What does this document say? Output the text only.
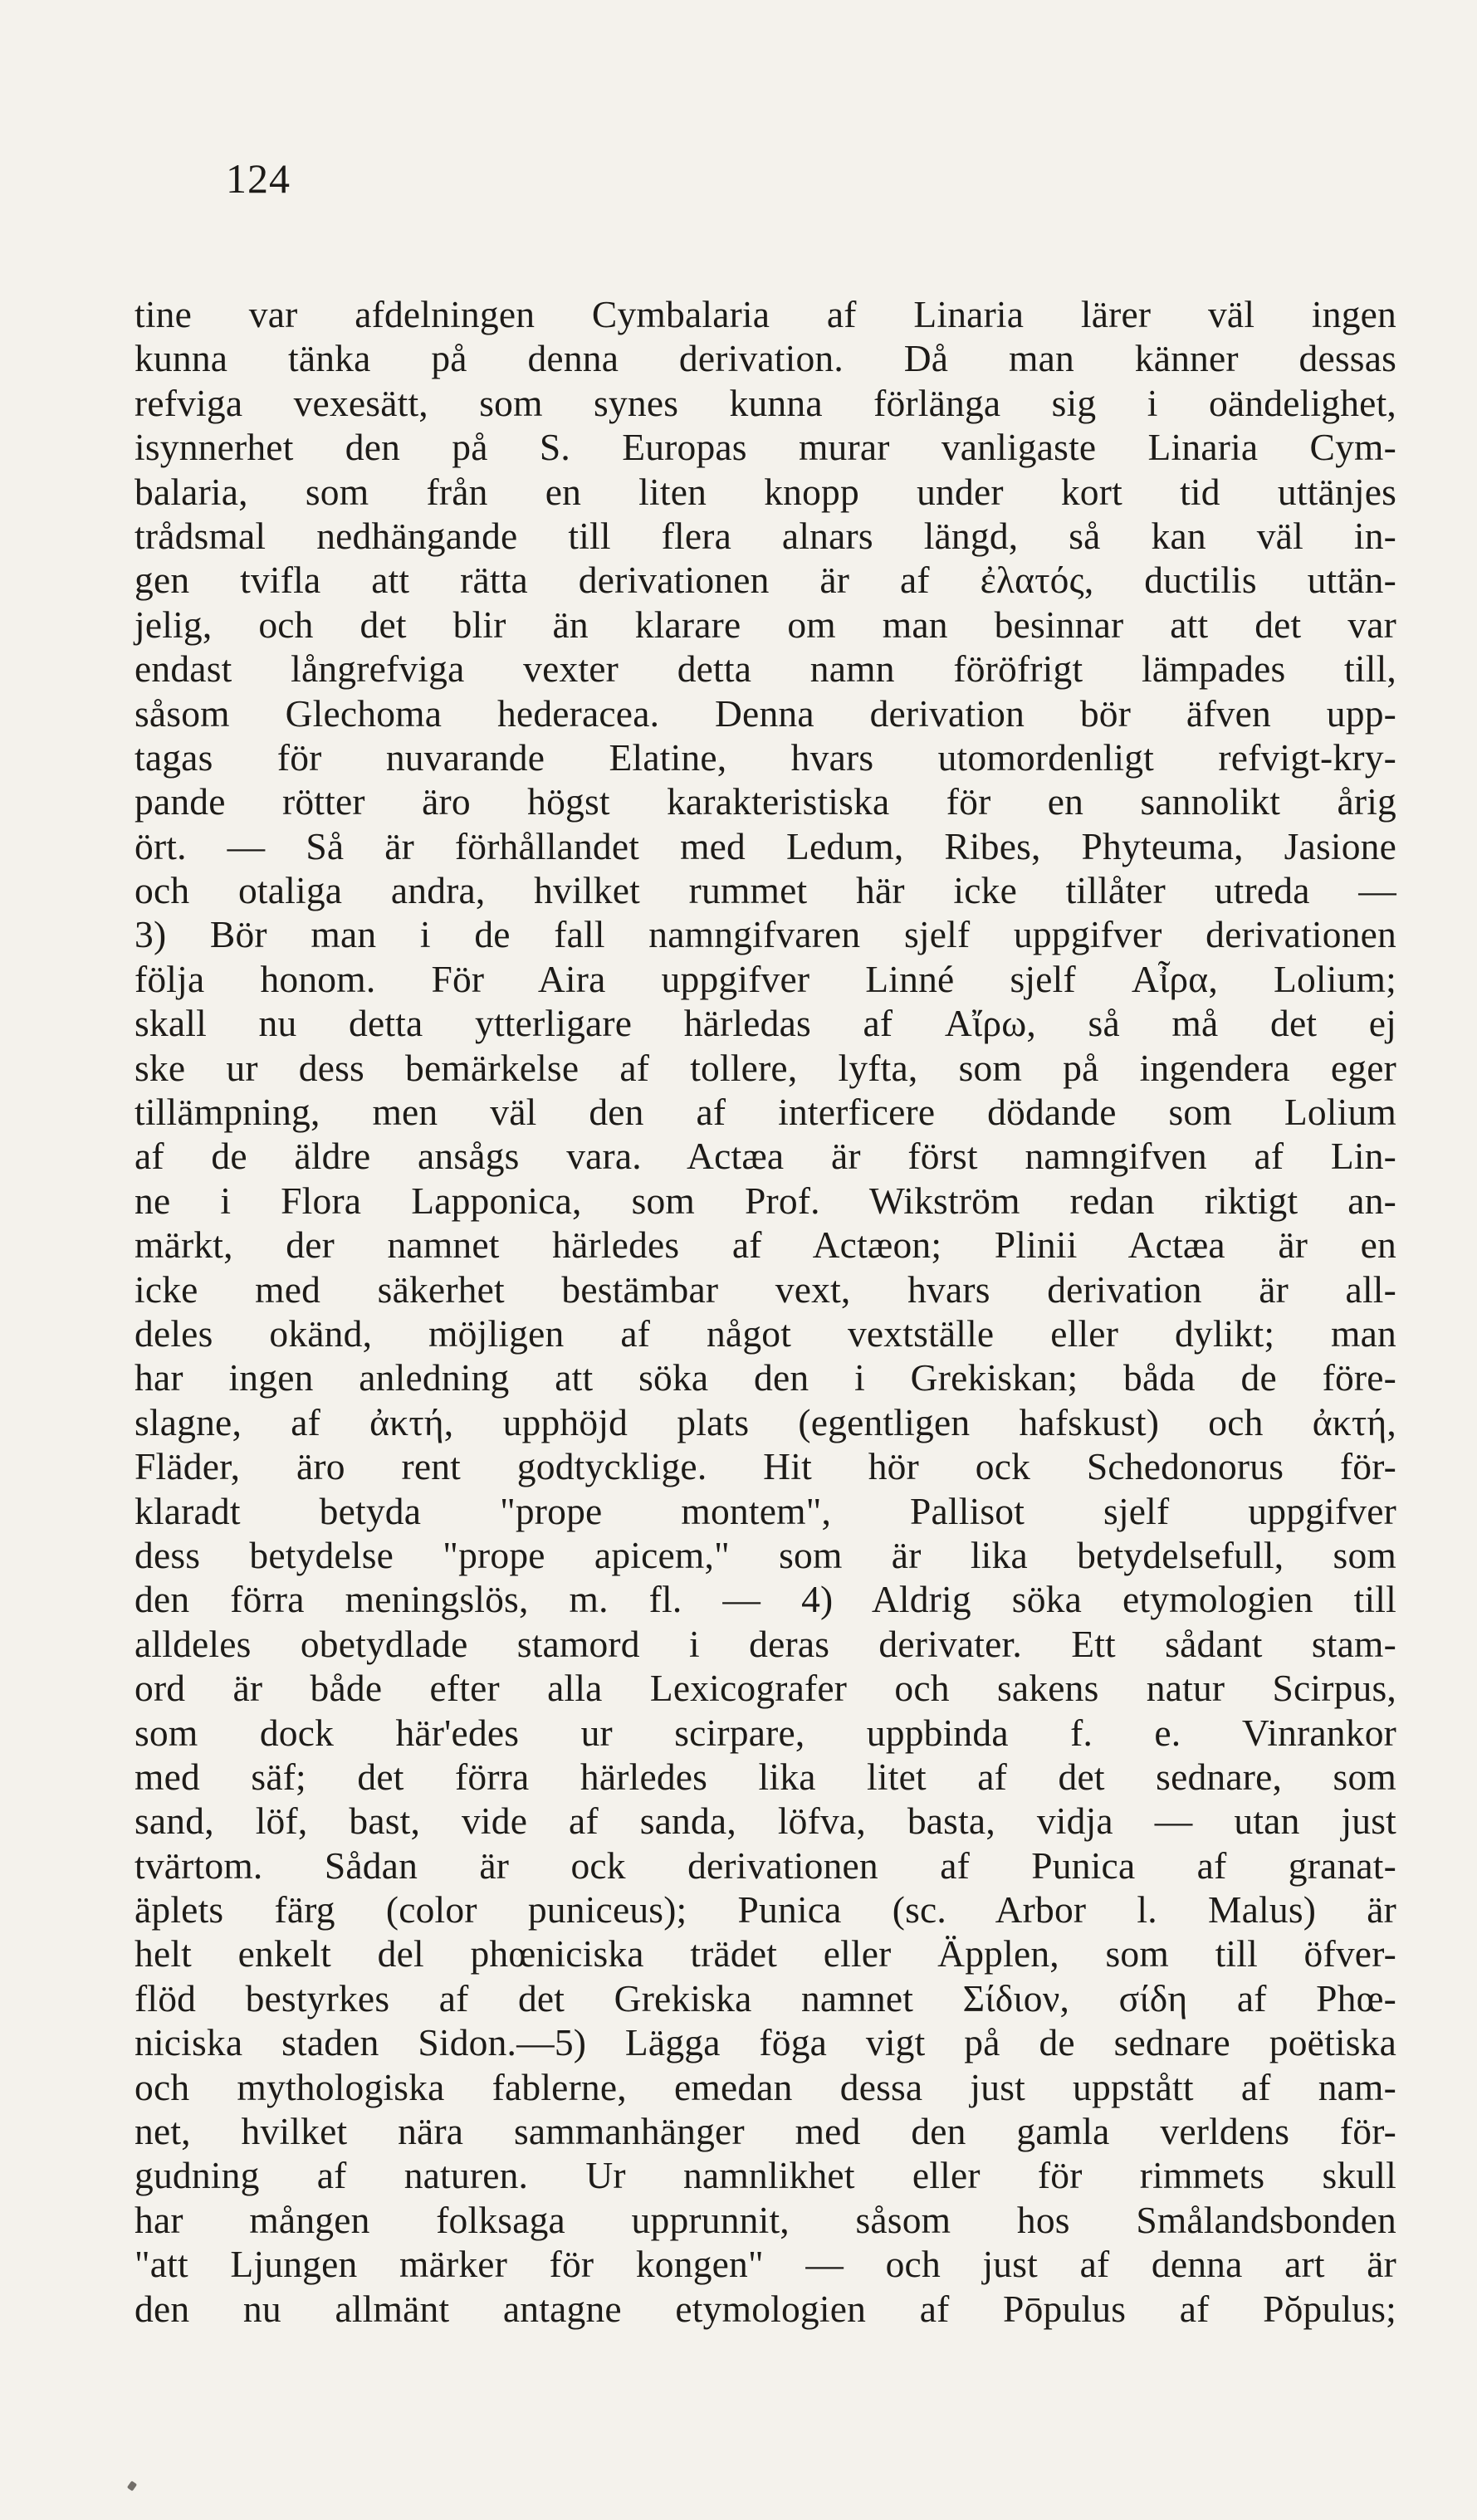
124
tine var afdelningen Cymbalaria af Linaria lärer väl ingen
kunna tänka på denna derivation. Då man känner dessas
refviga vexesätt, som synes kunna förlänga sig i oändelighet,
isynnerhet den på S. Europas murar vanligaste Linaria Cym-
balaria, som från en liten knopp under kort tid uttänjes
trådsmal nedhängande till flera alnars längd, så kan väl in-
gen tvifla att rätta derivationen är af ἐλατός, ductilis uttän-
jelig, och det blir än klarare om man besinnar att det var
endast långrefviga vexter detta namn föröfrigt lämpades till,
såsom Glechoma hederacea. Denna derivation bör äfven upp-
tagas för nuvarande Elatine, hvars utomordenligt refvigt-kry-
pande rötter äro högst karakteristiska för en sannolikt årig
ört. — Så är förhållandet med Ledum, Ribes, Phyteuma, Jasione
och otaliga andra, hvilket rummet här icke tillåter utreda —
3) Bör man i de fall namngifvaren sjelf uppgifver derivationen
följa honom. För Aira uppgifver Linné sjelf Αἶρα, Lolium;
skall nu detta ytterligare härledas af Αἴρω, så må det ej
ske ur dess bemärkelse af tollere, lyfta, som på ingendera eger
tillämpning, men väl den af interficere dödande som Lolium
af de äldre ansågs vara. Actæa är först namngifven af Lin-
ne i Flora Lapponica, som Prof. Wikström redan riktigt an-
märkt, der namnet härledes af Actæon; Plinii Actæa är en
icke med säkerhet bestämbar vext, hvars derivation är all-
deles okänd, möjligen af något vextställe eller dylikt; man
har ingen anledning att söka den i Grekiskan; båda de före-
slagne, af ἀκτή, upphöjd plats (egentligen hafskust) och ἀκτή,
Fläder, äro rent godtycklige. Hit hör ock Schedonorus för-
klaradt betyda "prope montem", Pallisot sjelf uppgifver
dess betydelse "prope apicem," som är lika betydelsefull, som
den förra meningslös, m. fl. — 4) Aldrig söka etymologien till
alldeles obetydlade stamord i deras derivater. Ett sådant stam-
ord är både efter alla Lexicografer och sakens natur Scirpus,
som dock här'edes ur scirpare, uppbinda f. e. Vinrankor
med säf; det förra härledes lika litet af det sednare, som
sand, löf, bast, vide af sanda, löfva, basta, vidja — utan just
tvärtom. Sådan är ock derivationen af Punica af granat-
äplets färg (color puniceus); Punica (sc. Arbor l. Malus) är
helt enkelt del phœniciska trädet eller Äpplen, som till öfver-
flöd bestyrkes af det Grekiska namnet Σίδιον, σίδη af Phœ-
niciska staden Sidon.—5) Lägga föga vigt på de sednare poëtiska
och mythologiska fablerne, emedan dessa just uppstått af nam-
net, hvilket nära sammanhänger med den gamla verldens för-
gudning af naturen. Ur namnlikhet eller för rimmets skull
har mången folksaga upprunnit, såsom hos Smålandsbonden
"att Ljungen märker för kongen" — och just af denna art är
den nu allmänt antagne etymologien af Pōpulus af Pŏpulus;
